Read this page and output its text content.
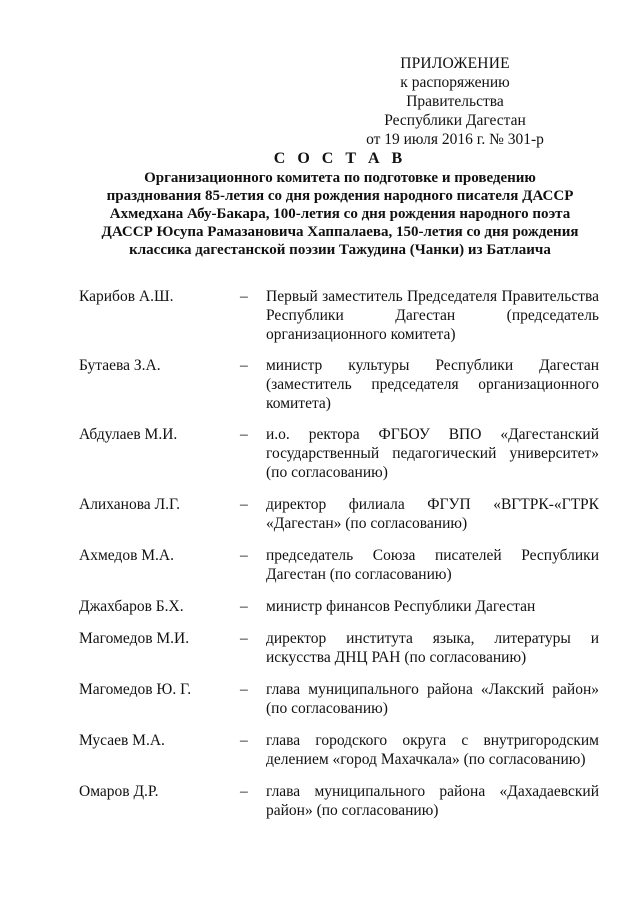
ПРИЛОЖЕНИЕ
к распоряжению Правительства
Республики Дагестан
от 19 июля 2016 г. № 301-р
С О С Т А В
Организационного комитета по подготовке и проведению
празднования 85-летия со дня рождения народного писателя ДАССР
Ахмедхана Абу-Бакара, 100-летия со дня рождения народного поэта
ДАССР Юсупа Рамазановича Хаппалаева, 150-летия со дня рождения
классика дагестанской поэзии Тажудина (Чанки) из Батлаича
Карибов А.Ш.	–	Первый заместитель Председателя Правительства Республики Дагестан (председатель организационного комитета)
Бутаева З.А.	–	министр культуры Республики Дагестан (заместитель председателя организационного комитета)
Абдулаев М.И.	–	и.о. ректора ФГБОУ ВПО «Дагестанский государственный педагогический университет» (по согласованию)
Алиханова Л.Г.	–	директор филиала ФГУП «ВГТРК-«ГТРК «Дагестан» (по согласованию)
Ахмедов М.А.	–	председатель Союза писателей Республики Дагестан (по согласованию)
Джахбаров Б.Х.	–	министр финансов Республики Дагестан
Магомедов М.И.	–	директор института языка, литературы и искусства ДНЦ РАН (по согласованию)
Магомедов Ю. Г.	–	глава муниципального района «Лакский район» (по согласованию)
Мусаев М.А.	–	глава городского округа с внутригородским делением «город Махачкала» (по согласованию)
Омаров Д.Р.	–	глава муниципального района «Дахадаевский район» (по согласованию)
